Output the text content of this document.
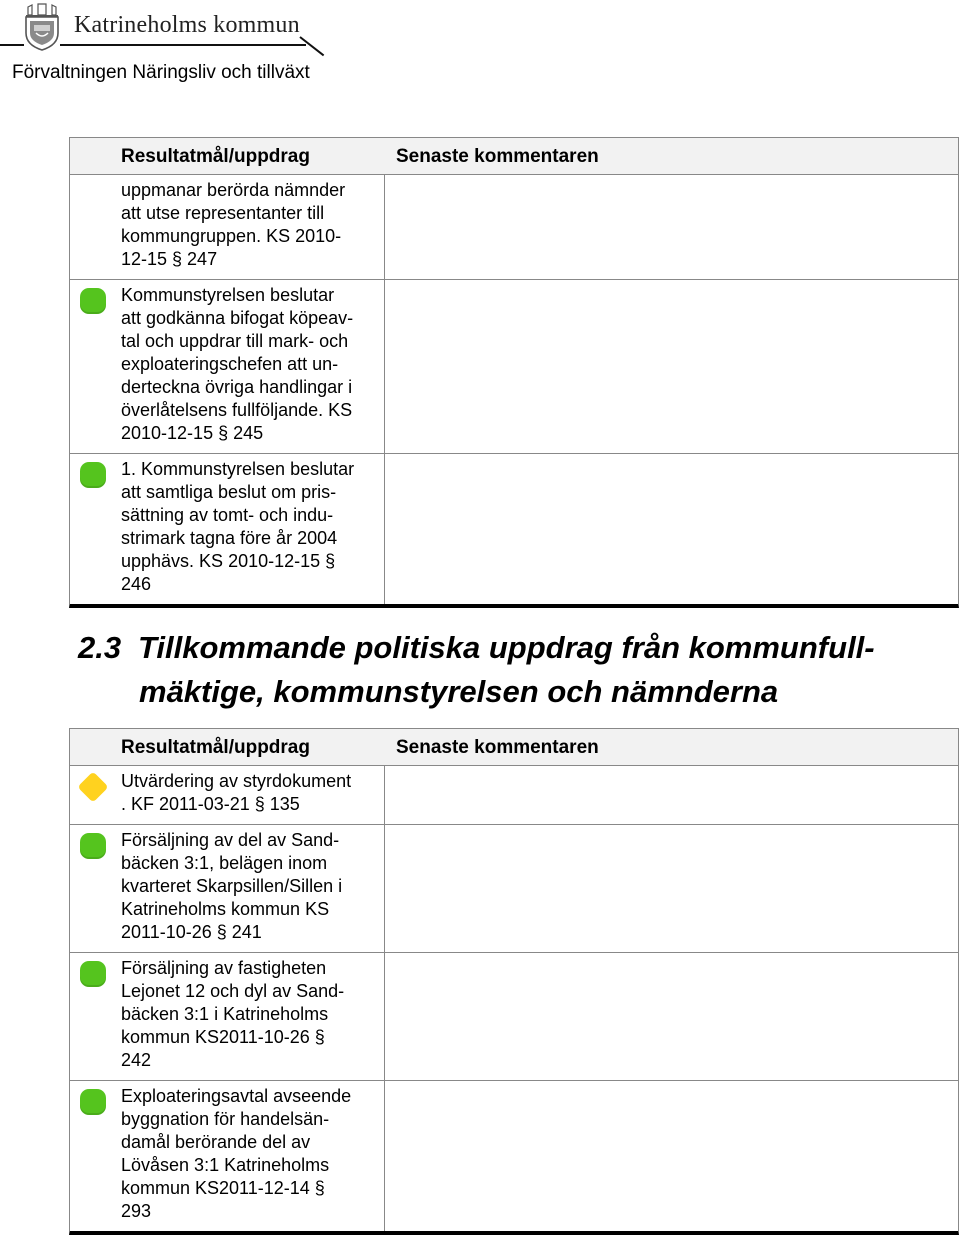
Katrineholms kommun
Förvaltningen Näringsliv och tillväxt
Resultatmål/uppdrag	Senaste kommentaren
uppmanar berörda nämnder
att utse representanter till
kommungruppen. KS 2010-
12-15 § 247
Kommunstyrelsen beslutar
att godkänna bifogat köpeav-
tal och uppdrar till mark- och
exploateringschefen att un-
derteckna övriga handlingar i
överlåtelsens fullföljande. KS
2010-12-15 § 245
1. Kommunstyrelsen beslutar
att samtliga beslut om pris-
sättning av tomt- och indu-
strimark tagna före år 2004
upphävs. KS 2010-12-15 §
246
2.3 Tillkommande politiska uppdrag från kommunfull-
mäktige, kommunstyrelsen och nämnderna
Resultatmål/uppdrag	Senaste kommentaren
Utvärdering av styrdokument
. KF 2011-03-21 § 135
Försäljning av del av Sand-
bäcken 3:1, belägen inom
kvarteret Skarpsillen/Sillen i
Katrineholms kommun KS
2011-10-26 § 241
Försäljning av fastigheten
Lejonet 12 och dyl av Sand-
bäcken 3:1 i Katrineholms
kommun KS2011-10-26 §
242
Exploateringsavtal avseende
byggnation för handelsän-
damål berörande del av
Lövåsen 3:1 Katrineholms
kommun KS2011-12-14 §
293
